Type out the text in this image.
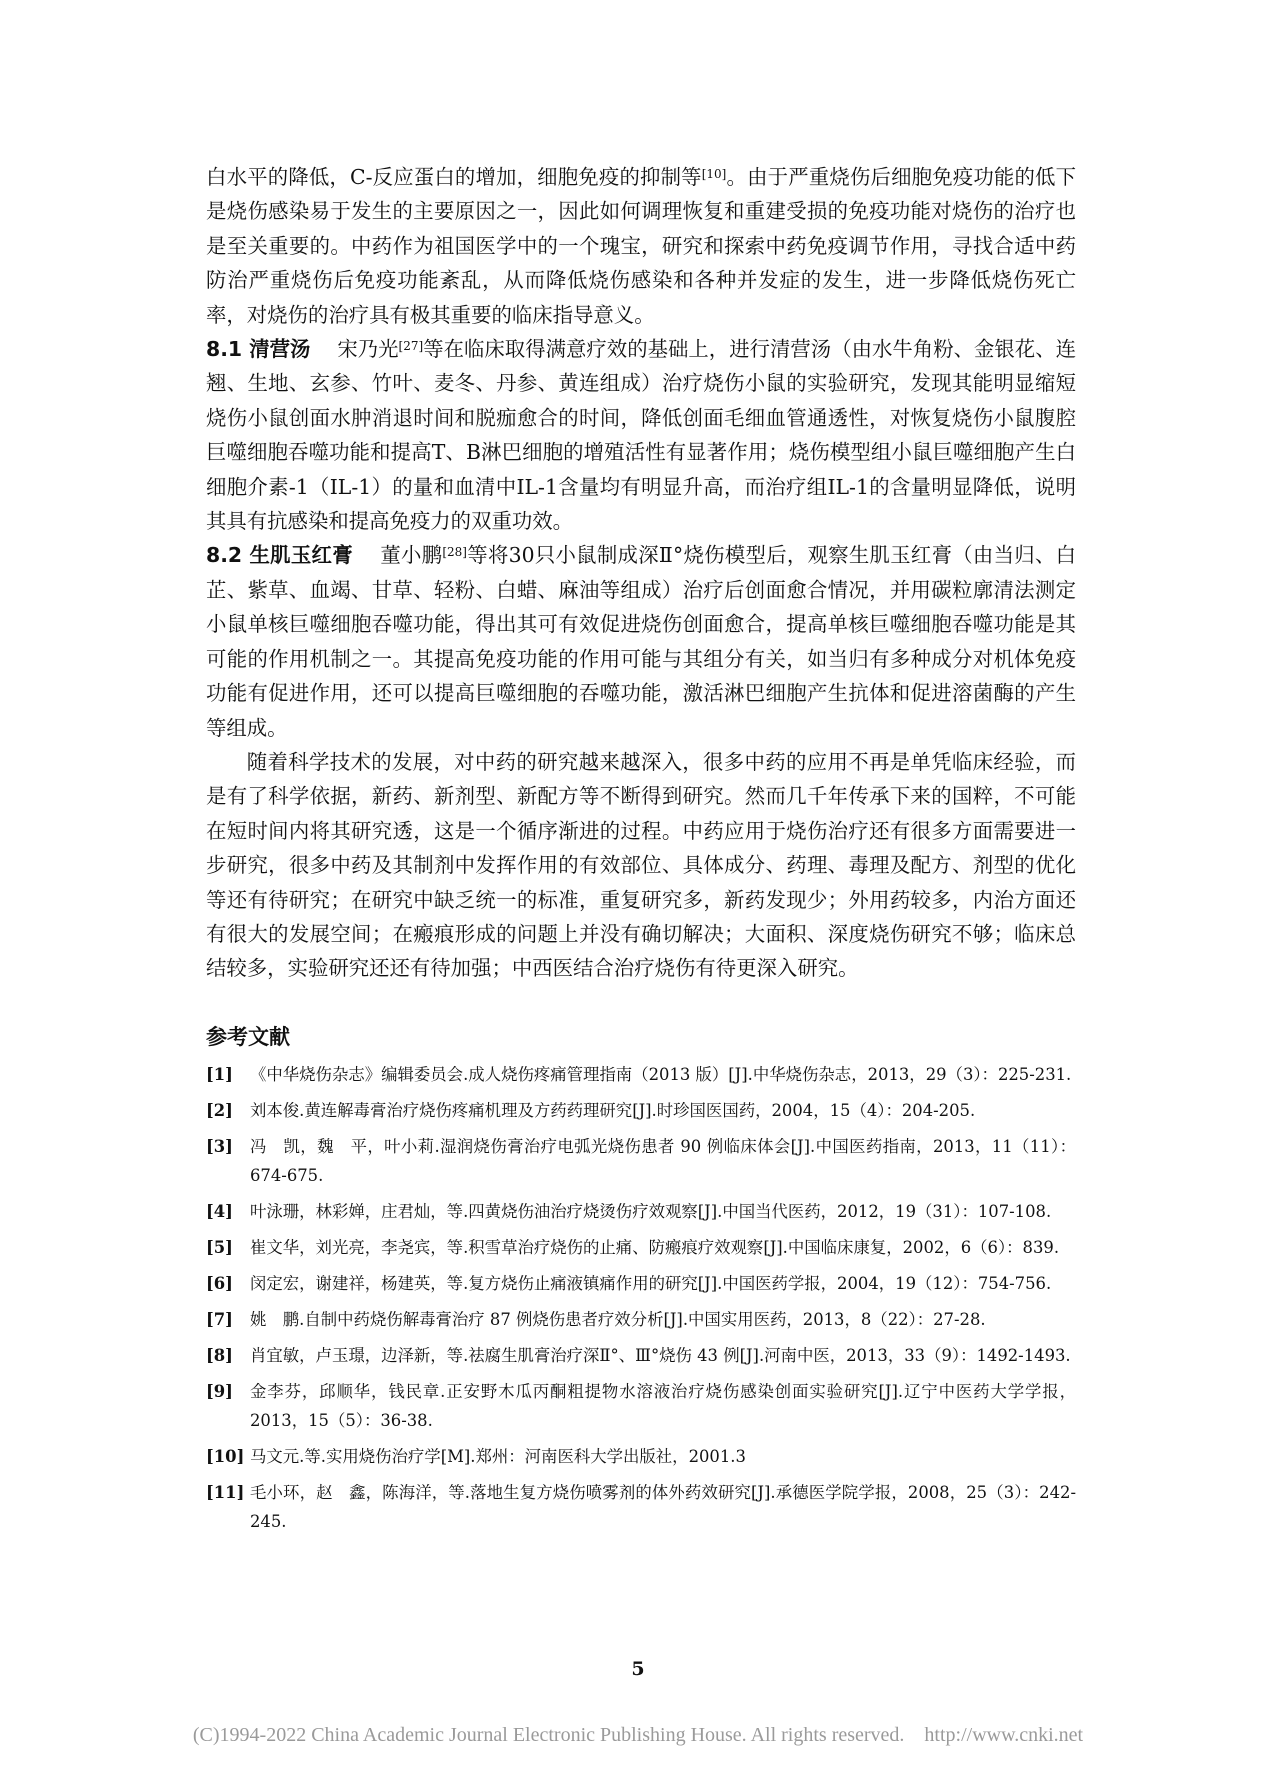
白水平的降低，C-反应蛋白的增加，细胞免疫的抑制等[10]。由于严重烧伤后细胞免疫功能的低下是烧伤感染易于发生的主要原因之一，因此如何调理恢复和重建受损的免疫功能对烧伤的治疗也是至关重要的。中药作为祖国医学中的一个瑰宝，研究和探索中药免疫调节作用，寻找合适中药防治严重烧伤后免疫功能紊乱，从而降低烧伤感染和各种并发症的发生，进一步降低烧伤死亡率，对烧伤的治疗具有极其重要的临床指导意义。

8.1 清营汤　 宋乃光[27]等在临床取得满意疗效的基础上，进行清营汤（由水牛角粉、金银花、连翘、生地、玄参、竹叶、麦冬、丹参、黄连组成）治疗烧伤小鼠的实验研究，发现其能明显缩短烧伤小鼠创面水肿消退时间和脱痂愈合的时间，降低创面毛细血管通透性，对恢复烧伤小鼠腹腔巨噬细胞吞噬功能和提高T、B淋巴细胞的增殖活性有显著作用；烧伤模型组小鼠巨噬细胞产生白细胞介素-1（IL-1）的量和血清中IL-1含量均有明显升高，而治疗组IL-1的含量明显降低，说明其具有抗感染和提高免疫力的双重功效。

8.2 生肌玉红膏　 董小鹏[28]等将30只小鼠制成深Ⅱ°烧伤模型后，观察生肌玉红膏（由当归、白芷、紫草、血竭、甘草、轻粉、白蜡、麻油等组成）治疗后创面愈合情况，并用碳粒廓清法测定小鼠单核巨噬细胞吞噬功能，得出其可有效促进烧伤创面愈合，提高单核巨噬细胞吞噬功能是其可能的作用机制之一。其提高免疫功能的作用可能与其组分有关，如当归有多种成分对机体免疫功能有促进作用，还可以提高巨噬细胞的吞噬功能，激活淋巴细胞产生抗体和促进溶菌酶的产生等组成。

随着科学技术的发展，对中药的研究越来越深入，很多中药的应用不再是单凭临床经验，而是有了科学依据，新药、新剂型、新配方等不断得到研究。然而几千年传承下来的国粹，不可能在短时间内将其研究透，这是一个循序渐进的过程。中药应用于烧伤治疗还有很多方面需要进一步研究，很多中药及其制剂中发挥作用的有效部位、具体成分、药理、毒理及配方、剂型的优化等还有待研究；在研究中缺乏统一的标准，重复研究多，新药发现少；外用药较多，内治方面还有很大的发展空间；在瘢痕形成的问题上并没有确切解决；大面积、深度烧伤研究不够；临床总结较多，实验研究还还有待加强；中西医结合治疗烧伤有待更深入研究。

参考文献
[1]	《中华烧伤杂志》编辑委员会.成人烧伤疼痛管理指南（2013 版）[J].中华烧伤杂志，2013，29（3）：225-231.
[2]	刘本俊.黄连解毒膏治疗烧伤疼痛机理及方药药理研究[J].时珍国医国药，2004，15（4）：204-205.
[3]	冯　凯，魏　平，叶小莉.湿润烧伤膏治疗电弧光烧伤患者 90 例临床体会[J].中国医药指南，2013，11（11）：674-675.
[4]	叶泳珊，林彩婵，庄君灿，等.四黄烧伤油治疗烧烫伤疗效观察[J].中国当代医药，2012，19（31）：107-108.
[5]	崔文华，刘光亮，李尧宾，等.积雪草治疗烧伤的止痛、防瘢痕疗效观察[J].中国临床康复，2002，6（6）：839.
[6]	闵定宏，谢建祥，杨建英，等.复方烧伤止痛液镇痛作用的研究[J].中国医药学报，2004，19（12）：754-756.
[7]	姚　鹏.自制中药烧伤解毒膏治疗 87 例烧伤患者疗效分析[J].中国实用医药，2013，8（22）：27-28.
[8]	肖宜敏，卢玉璟，边泽新，等.祛腐生肌膏治疗深Ⅱ°、Ⅲ°烧伤 43 例[J].河南中医，2013，33（9）：1492-1493.
[9]	金李芬，邱顺华，钱民章.正安野木瓜丙酮粗提物水溶液治疗烧伤感染创面实验研究[J].辽宁中医药大学学报，2013，15（5）：36-38.
[10] 马文元.等.实用烧伤治疗学[M].郑州：河南医科大学出版社，2001.3
[11] 毛小环，赵　鑫，陈海洋，等.落地生复方烧伤喷雾剂的体外药效研究[J].承德医学院学报，2008，25（3）：242-245.
5
(C)1994-2022 China Academic Journal Electronic Publishing House. All rights reserved.    http://www.cnki.net
